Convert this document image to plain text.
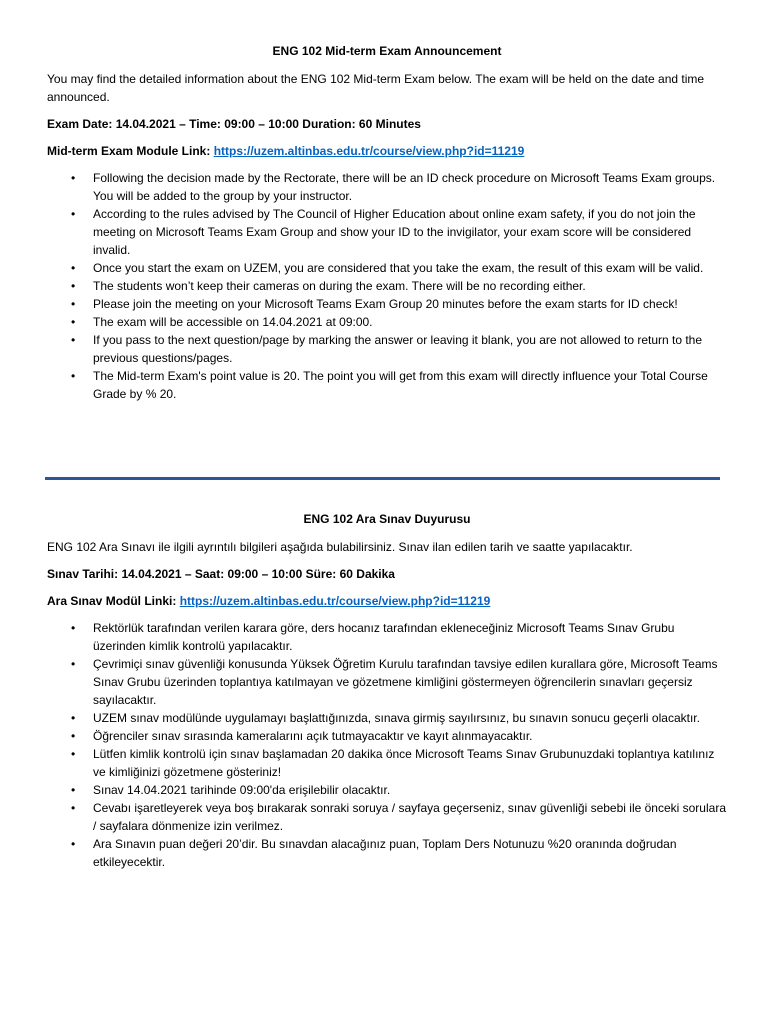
ENG 102 Mid-term Exam Announcement
You may find the detailed information about the ENG 102 Mid-term Exam below. The exam will be held on the date and time announced.
Exam Date: 14.04.2021 – Time: 09:00 – 10:00 Duration: 60 Minutes
Mid-term Exam Module Link: https://uzem.altinbas.edu.tr/course/view.php?id=11219
• Following the decision made by the Rectorate, there will be an ID check procedure on Microsoft Teams Exam groups. You will be added to the group by your instructor.
• According to the rules advised by The Council of Higher Education about online exam safety, if you do not join the meeting on Microsoft Teams Exam Group and show your ID to the invigilator, your exam score will be considered invalid.
• Once you start the exam on UZEM, you are considered that you take the exam, the result of this exam will be valid.
• The students won’t keep their cameras on during the exam. There will be no recording either.
• Please join the meeting on your Microsoft Teams Exam Group 20 minutes before the exam starts for ID check!
• The exam will be accessible on 14.04.2021 at 09:00.
• If you pass to the next question/page by marking the answer or leaving it blank, you are not allowed to return to the previous questions/pages.
• The Mid-term Exam's point value is 20. The point you will get from this exam will directly influence your Total Course Grade by % 20.
ENG 102 Ara Sınav Duyurusu
ENG 102 Ara Sınavı ile ilgili ayrıntılı bilgileri aşağıda bulabilirsiniz. Sınav ilan edilen tarih ve saatte yapılacaktır.
Sınav Tarihi: 14.04.2021 – Saat: 09:00 – 10:00 Süre: 60 Dakika
Ara Sınav Modül Linki: https://uzem.altinbas.edu.tr/course/view.php?id=11219
• Rektörlük tarafından verilen karara göre, ders hocanız tarafından ekleneceğiniz Microsoft Teams Sınav Grubu üzerinden kimlik kontrolü yapılacaktır.
• Çevrimiçi sınav güvenliği konusunda Yüksek Öğretim Kurulu tarafından tavsiye edilen kurallara göre, Microsoft Teams Sınav Grubu üzerinden toplantıya katılmayan ve gözetmene kimliğini göstermeyen öğrencilerin sınavları geçersiz sayılacaktır.
• UZEM sınav modülünde uygulamayı başlattığınızda, sınava girmiş sayılırsınız, bu sınavın sonucu geçerli olacaktır.
• Öğrenciler sınav sırasında kameralarını açık tutmayacaktır ve kayıt alınmayacaktır.
• Lütfen kimlik kontrolü için sınav başlamadan 20 dakika önce Microsoft Teams Sınav Grubunuzdaki toplantıya katılınız ve kimliğinizi gözetmene gösteriniz!
• Sınav 14.04.2021 tarihinde 09:00'da erişilebilir olacaktır.
• Cevabı işaretleyerek veya boş bırakarak sonraki soruya / sayfaya geçerseniz, sınav güvenliği sebebi ile önceki sorulara / sayfalara dönmenize izin verilmez.
• Ara Sınavın puan değeri 20’dir. Bu sınavdan alacağınız puan, Toplam Ders Notunuzu %20 oranında doğrudan etkileyecektir.
